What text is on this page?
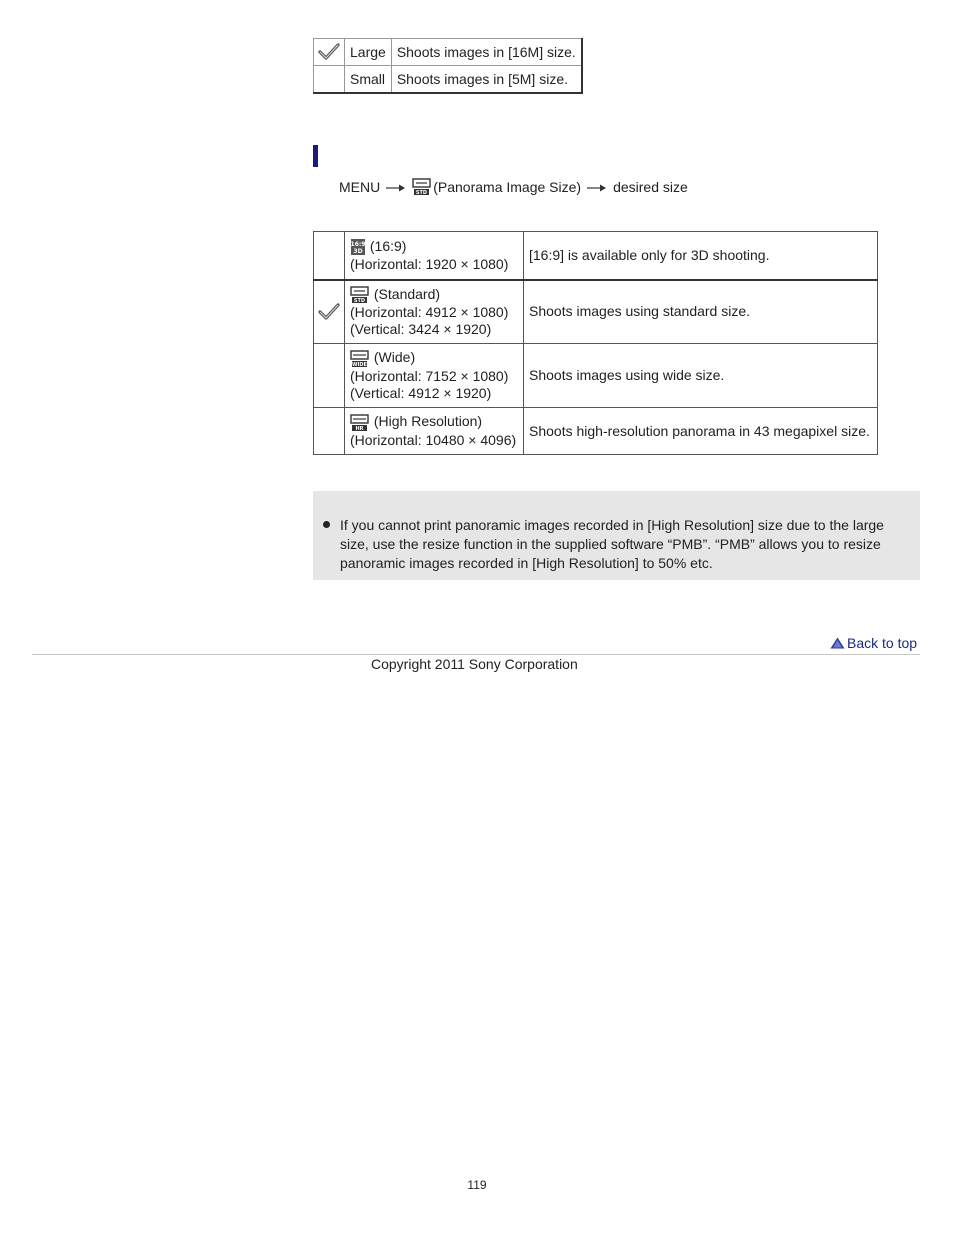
	Large	Shoots images in [16M] size.
	Small	Shoots images in [5M] size.
MENU	STD (Panorama Image Size) desired size

16:9
3D (16:9)
(Horizontal: 1920 × 1080)	[16:9] is available only for 3D shooting.

STD (Standard)
(Horizontal: 4912 × 1080)
(Vertical: 3424 × 1920)	Shoots images using standard size.

WIDE (Wide)
(Horizontal: 7152 × 1080)
(Vertical: 4912 × 1920)	Shoots images using wide size.

HR (High Resolution)
(Horizontal: 10480 × 4096)	Shoots high-resolution panorama in 43 megapixel size.
If you cannot print panoramic images recorded in [High Resolution] size due to the large size, use the resize function in the supplied software “PMB”. “PMB” allows you to resize panoramic images recorded in [High Resolution] to 50% etc.
Back to top
Copyright 2011 Sony Corporation
119
